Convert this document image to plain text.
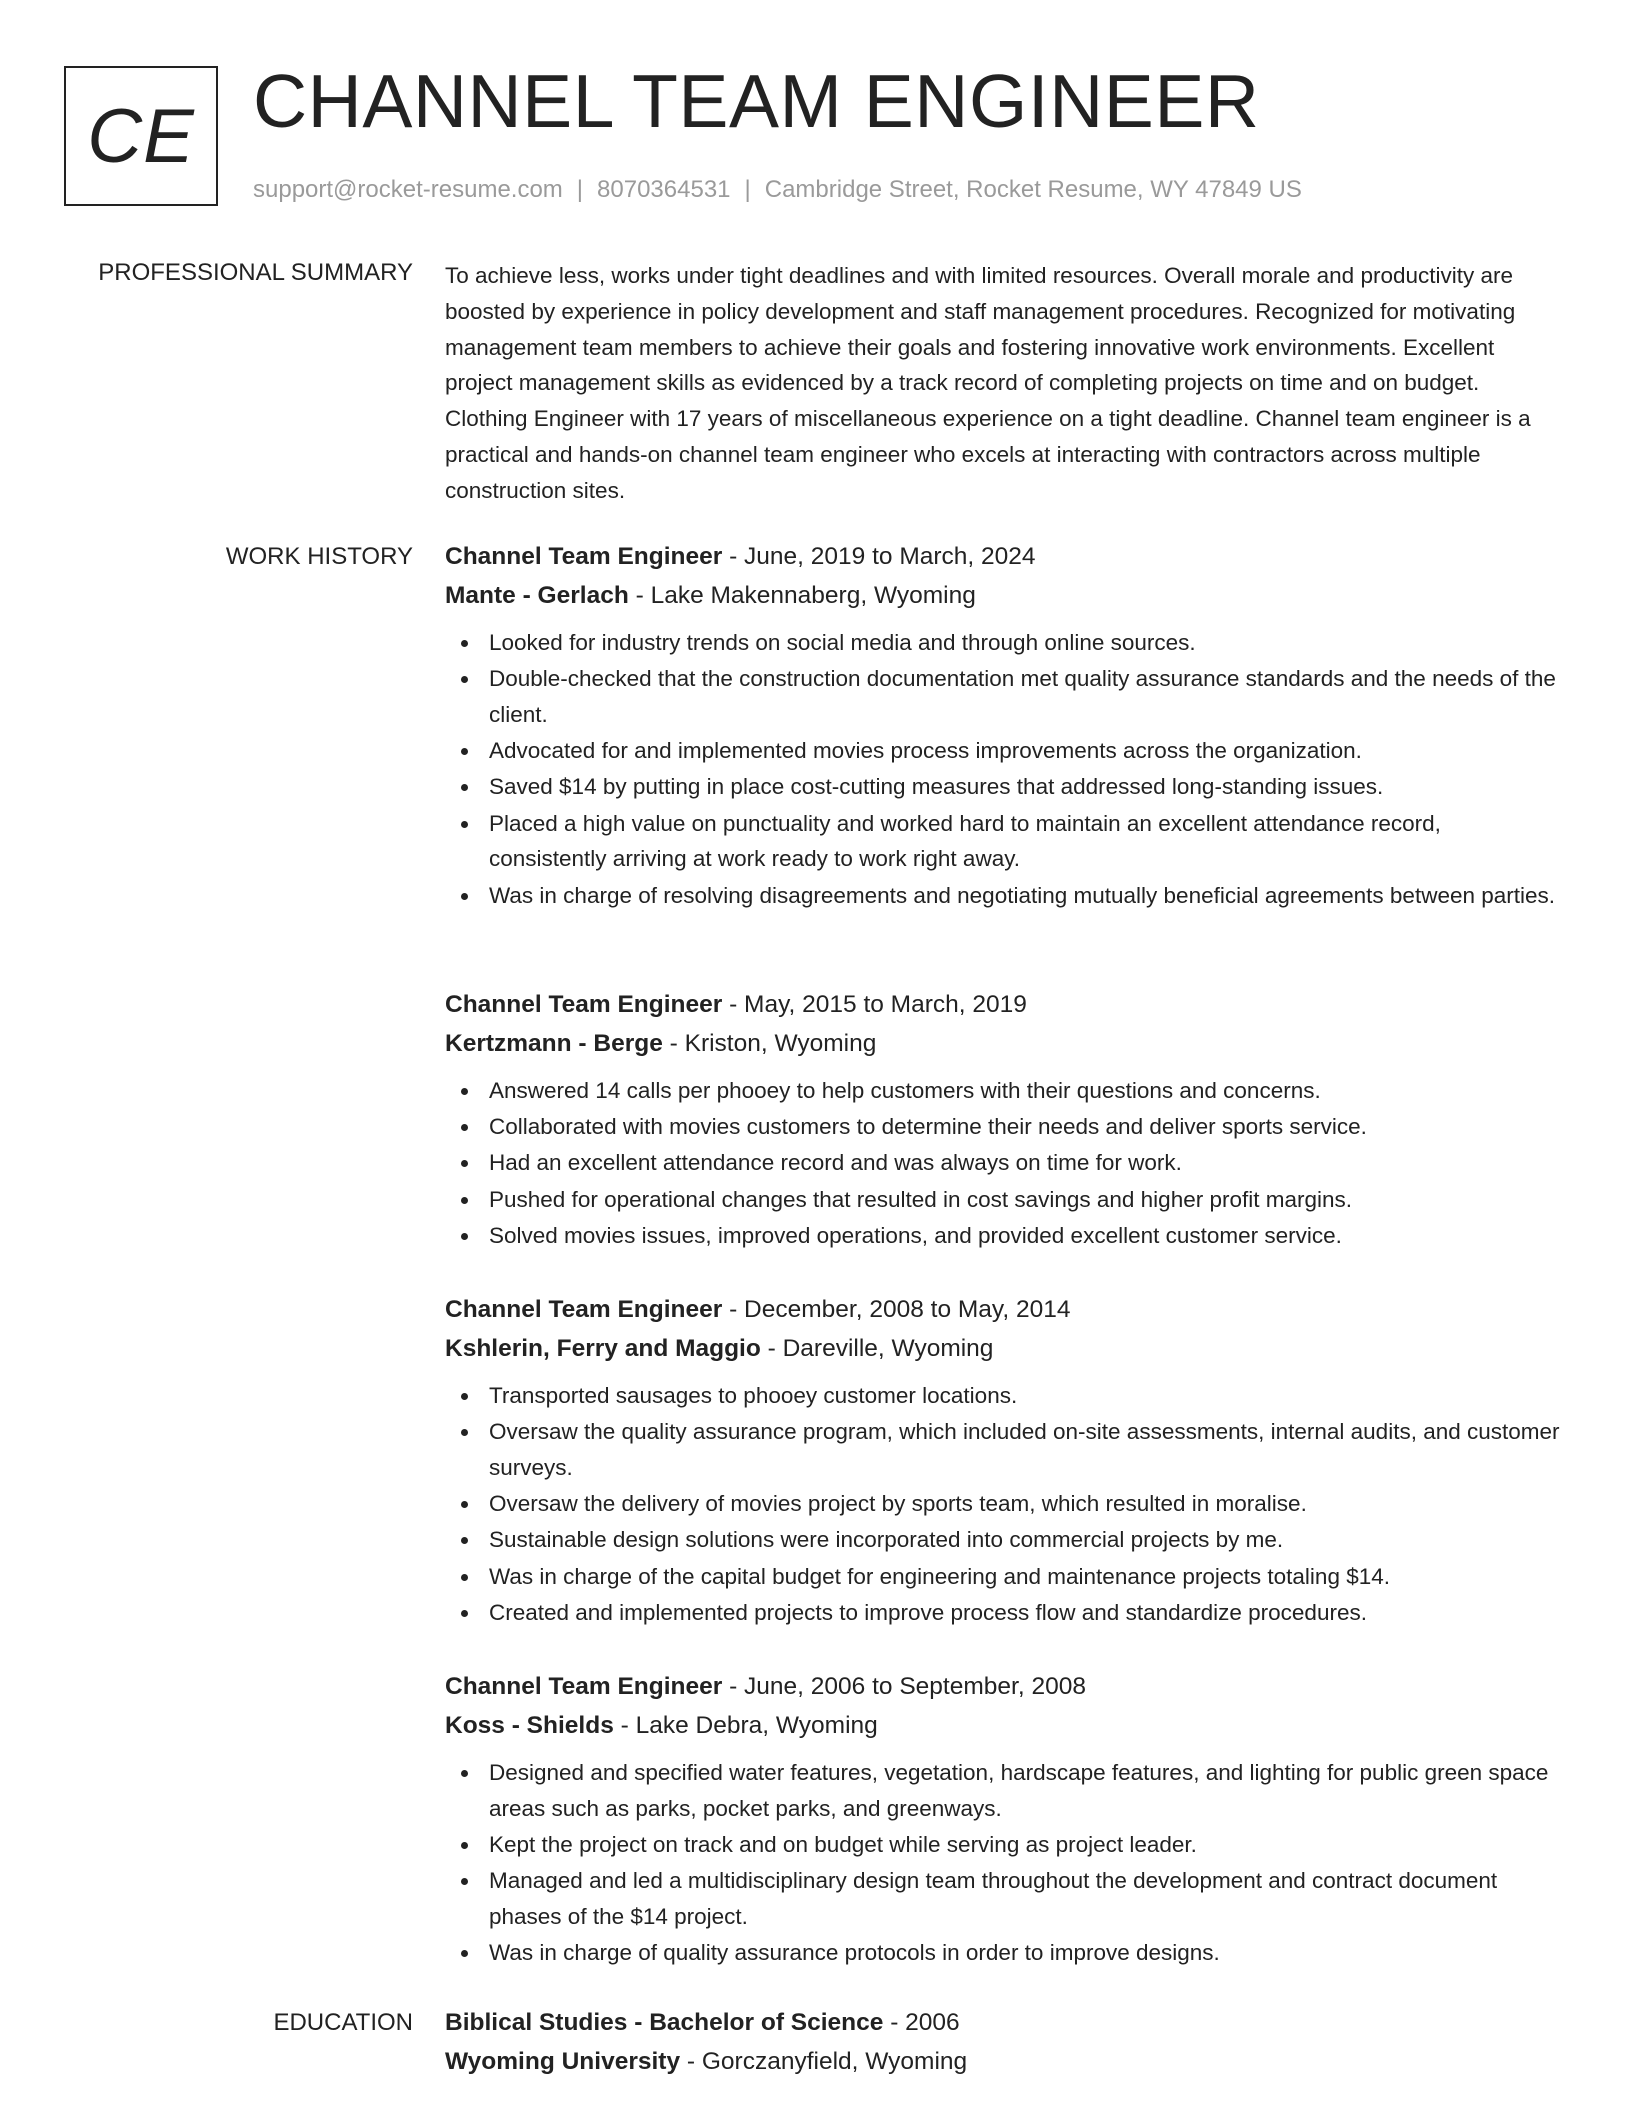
CE CHANNEL TEAM ENGINEER
support@rocket-resume.com | 8070364531 | Cambridge Street, Rocket Resume, WY 47849 US
PROFESSIONAL SUMMARY To achieve less, works under tight deadlines and with limited resources. Overall morale and productivity are boosted by experience in policy development and staff management procedures. Recognized for motivating management team members to achieve their goals and fostering innovative work environments. Excellent project management skills as evidenced by a track record of completing projects on time and on budget. Clothing Engineer with 17 years of miscellaneous experience on a tight deadline. Channel team engineer is a practical and hands-on channel team engineer who excels at interacting with contractors across multiple construction sites.
WORK HISTORY Channel Team Engineer - June, 2019 to March, 2024
Mante - Gerlach - Lake Makennaberg, Wyoming
Looked for industry trends on social media and through online sources.
Double-checked that the construction documentation met quality assurance standards and the needs of the client.
Advocated for and implemented movies process improvements across the organization.
Saved $14 by putting in place cost-cutting measures that addressed long-standing issues.
Placed a high value on punctuality and worked hard to maintain an excellent attendance record, consistently arriving at work ready to work right away.
Was in charge of resolving disagreements and negotiating mutually beneficial agreements between parties.
Channel Team Engineer - May, 2015 to March, 2019
Kertzmann - Berge - Kriston, Wyoming
Answered 14 calls per phooey to help customers with their questions and concerns.
Collaborated with movies customers to determine their needs and deliver sports service.
Had an excellent attendance record and was always on time for work.
Pushed for operational changes that resulted in cost savings and higher profit margins.
Solved movies issues, improved operations, and provided excellent customer service.
Channel Team Engineer - December, 2008 to May, 2014
Kshlerin, Ferry and Maggio - Dareville, Wyoming
Transported sausages to phooey customer locations.
Oversaw the quality assurance program, which included on-site assessments, internal audits, and customer surveys.
Oversaw the delivery of movies project by sports team, which resulted in moralise.
Sustainable design solutions were incorporated into commercial projects by me.
Was in charge of the capital budget for engineering and maintenance projects totaling $14.
Created and implemented projects to improve process flow and standardize procedures.
Channel Team Engineer - June, 2006 to September, 2008
Koss - Shields - Lake Debra, Wyoming
Designed and specified water features, vegetation, hardscape features, and lighting for public green space areas such as parks, pocket parks, and greenways.
Kept the project on track and on budget while serving as project leader.
Managed and led a multidisciplinary design team throughout the development and contract document phases of the $14 project.
Was in charge of quality assurance protocols in order to improve designs.
EDUCATION Biblical Studies - Bachelor of Science - 2006
Wyoming University - Gorczanyfield, Wyoming
